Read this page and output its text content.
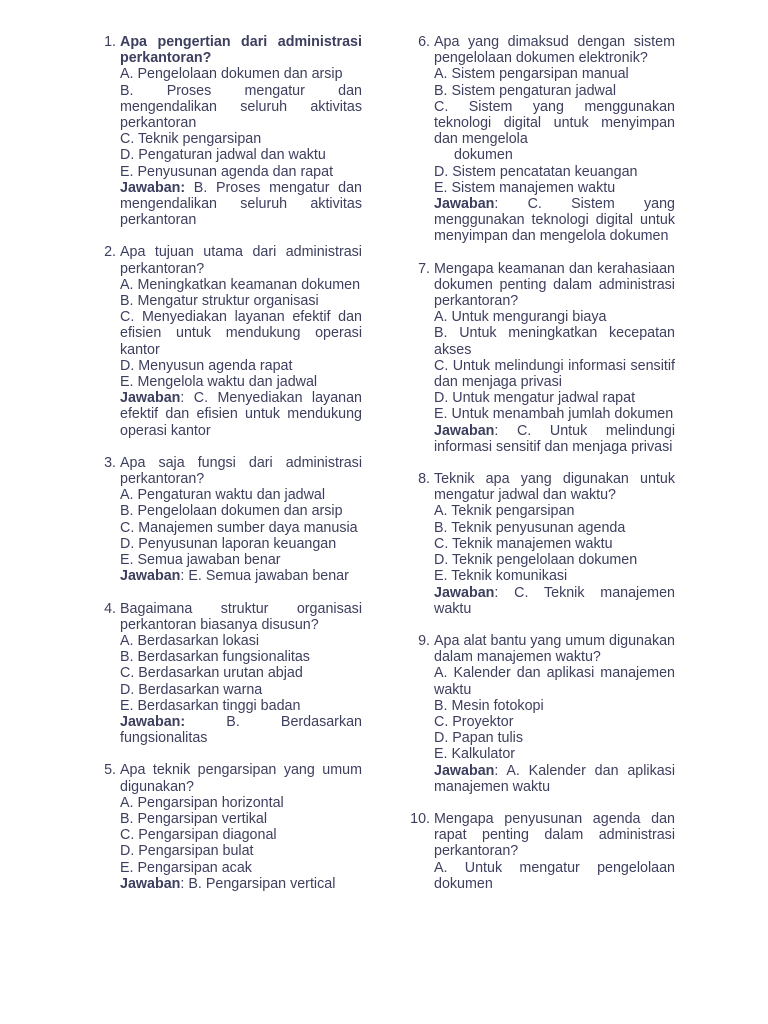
1. Apa pengertian dari administrasi perkantoran?
A. Pengelolaan dokumen dan arsip
B. Proses mengatur dan mengendalikan seluruh aktivitas perkantoran
C. Teknik pengarsipan
D. Pengaturan jadwal dan waktu
E. Penyusunan agenda dan rapat
Jawaban: B. Proses mengatur dan mengendalikan seluruh aktivitas perkantoran
2. Apa tujuan utama dari administrasi perkantoran?
A. Meningkatkan keamanan dokumen
B. Mengatur struktur organisasi
C. Menyediakan layanan efektif dan efisien untuk mendukung operasi kantor
D. Menyusun agenda rapat
E. Mengelola waktu dan jadwal
Jawaban: C. Menyediakan layanan efektif dan efisien untuk mendukung operasi kantor
3. Apa saja fungsi dari administrasi perkantoran?
A. Pengaturan waktu dan jadwal
B. Pengelolaan dokumen dan arsip
C. Manajemen sumber daya manusia
D. Penyusunan laporan keuangan
E. Semua jawaban benar
Jawaban: E. Semua jawaban benar
4. Bagaimana struktur organisasi perkantoran biasanya disusun?
A. Berdasarkan lokasi
B. Berdasarkan fungsionalitas
C. Berdasarkan urutan abjad
D. Berdasarkan warna
E. Berdasarkan tinggi badan
Jawaban: B. Berdasarkan fungsionalitas
5. Apa teknik pengarsipan yang umum digunakan?
A. Pengarsipan horizontal
B. Pengarsipan vertikal
C. Pengarsipan diagonal
D. Pengarsipan bulat
E. Pengarsipan acak
Jawaban: B. Pengarsipan vertical
6. Apa yang dimaksud dengan sistem pengelolaan dokumen elektronik?
A. Sistem pengarsipan manual
B. Sistem pengaturan jadwal
C. Sistem yang menggunakan teknologi digital untuk menyimpan dan mengelola
dokumen
D. Sistem pencatatan keuangan
E. Sistem manajemen waktu
Jawaban: C. Sistem yang menggunakan teknologi digital untuk menyimpan dan mengelola dokumen
7. Mengapa keamanan dan kerahasiaan dokumen penting dalam administrasi perkantoran?
A. Untuk mengurangi biaya
B. Untuk meningkatkan kecepatan akses
C. Untuk melindungi informasi sensitif dan menjaga privasi
D. Untuk mengatur jadwal rapat
E. Untuk menambah jumlah dokumen
Jawaban: C. Untuk melindungi informasi sensitif dan menjaga privasi
8. Teknik apa yang digunakan untuk mengatur jadwal dan waktu?
A. Teknik pengarsipan
B. Teknik penyusunan agenda
C. Teknik manajemen waktu
D. Teknik pengelolaan dokumen
E. Teknik komunikasi
Jawaban: C. Teknik manajemen waktu
9. Apa alat bantu yang umum digunakan dalam manajemen waktu?
A. Kalender dan aplikasi manajemen waktu
B. Mesin fotokopi
C. Proyektor
D. Papan tulis
E. Kalkulator
Jawaban: A. Kalender dan aplikasi manajemen waktu
10. Mengapa penyusunan agenda dan rapat penting dalam administrasi perkantoran?
A. Untuk mengatur pengelolaan dokumen
